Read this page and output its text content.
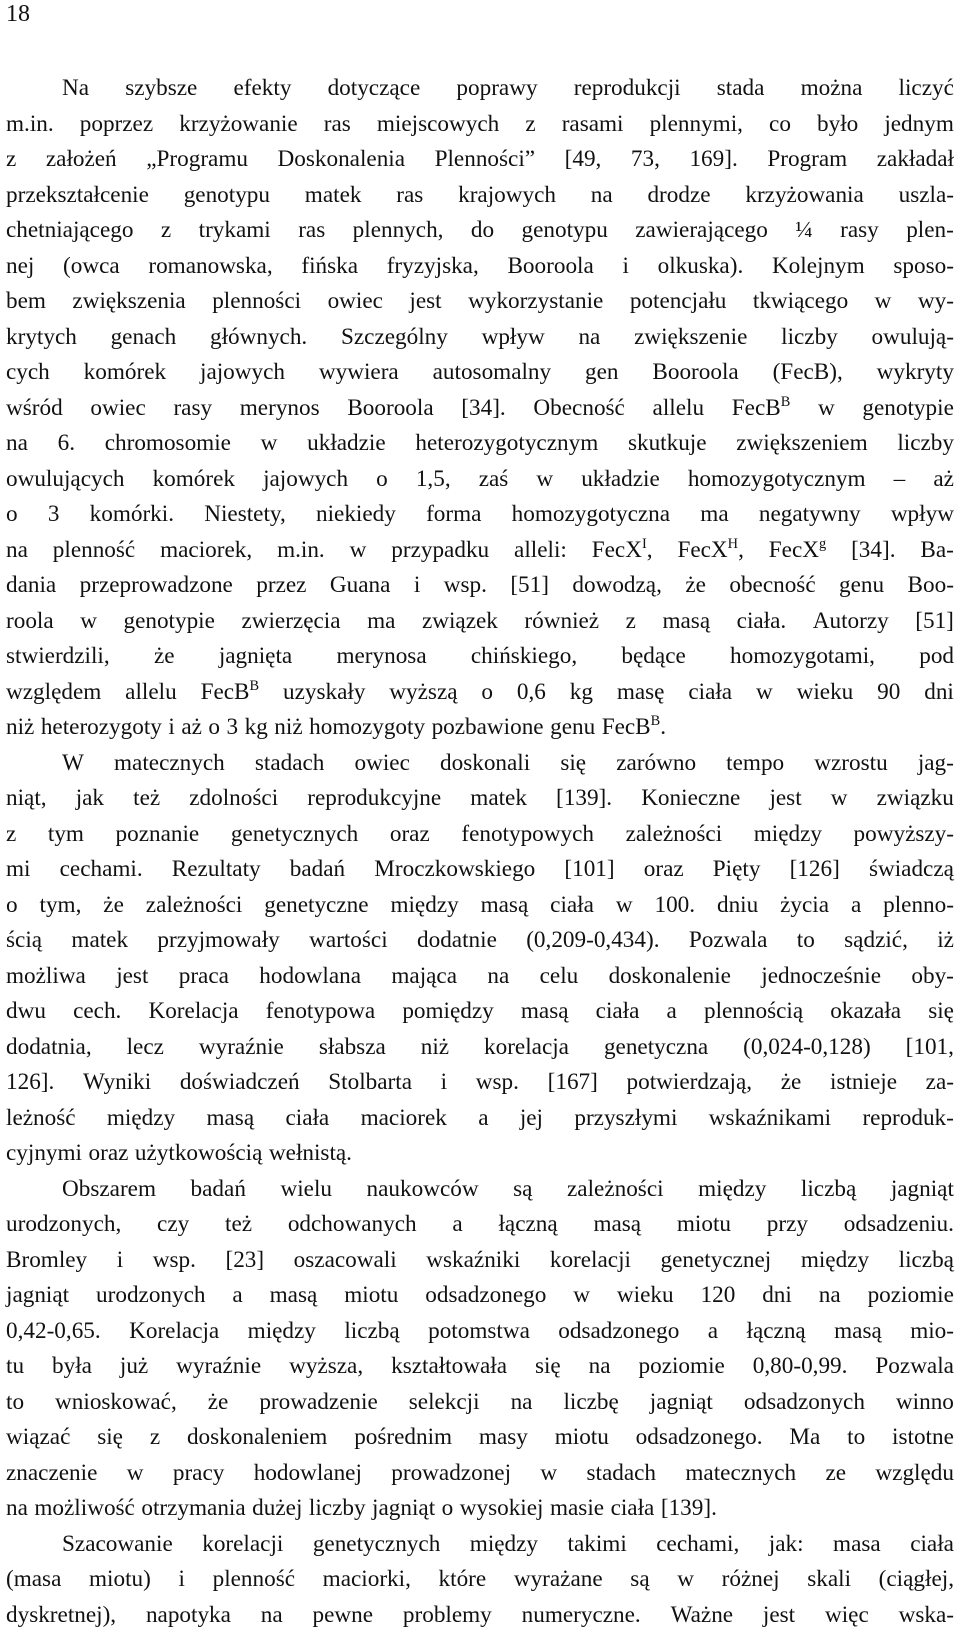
18
Na szybsze efekty dotyczące poprawy reprodukcji stada można liczyć
m.in. poprzez krzyżowanie ras miejscowych z rasami plennymi, co było jednym
z założeń „Programu Doskonalenia Plenności” [49, 73, 169]. Program zakładał
przekształcenie genotypu matek ras krajowych na drodze krzyżowania uszla-
chetniającego z trykami ras plennych, do genotypu zawierającego ¼ rasy plen-
nej (owca romanowska, fińska fryzyjska, Booroola i olkuska). Kolejnym sposo-
bem zwiększenia plenności owiec jest wykorzystanie potencjału tkwiącego w wy-
krytych genach głównych. Szczególny wpływ na zwiększenie liczby owulują-
cych komórek jajowych wywiera autosomalny gen Booroola (FecB), wykryty
wśród owiec rasy merynos Booroola [34]. Obecność allelu FecB$^B$ w genotypie
na 6. chromosomie w układzie heterozygotycznym skutkuje zwiększeniem liczby
owulujących komórek jajowych o 1,5, zaś w układzie homozygotycznym – aż
o 3 komórki. Niestety, niekiedy forma homozygotyczna ma negatywny wpływ
na plenność maciorek, m.in. w przypadku alleli: FecX$^I$, FecX$^H$, FecX$^g$ [34]. Ba-
dania przeprowadzone przez Guana i wsp. [51] dowodzą, że obecność genu Boo-
roola w genotypie zwierzęcia ma związek również z masą ciała. Autorzy [51]
stwierdzili, że jagnięta merynosa chińskiego, będące homozygotami, pod
względem allelu FecB$^B$ uzyskały wyższą o 0,6 kg masę ciała w wieku 90 dni
niż heterozygoty i aż o 3 kg niż homozygoty pozbawione genu FecB$^B$.
W matecznych stadach owiec doskonali się zarówno tempo wzrostu jag-
niąt, jak też zdolności reprodukcyjne matek [139]. Konieczne jest w związku
z tym poznanie genetycznych oraz fenotypowych zależności między powyższy-
mi cechami. Rezultaty badań Mroczkowskiego [101] oraz Pięty [126] świadczą
o tym, że zależności genetyczne między masą ciała w 100. dniu życia a plenno-
ścią matek przyjmowały wartości dodatnie (0,209-0,434). Pozwala to sądzić, iż
możliwa jest praca hodowlana mająca na celu doskonalenie jednocześnie oby-
dwu cech. Korelacja fenotypowa pomiędzy masą ciała a plennością okazała się
dodatnia, lecz wyraźnie słabsza niż korelacja genetyczna (0,024-0,128) [101,
126]. Wyniki doświadczeń Stolbarta i wsp. [167] potwierdzają, że istnieje za-
leżność między masą ciała maciorek a jej przyszłymi wskaźnikami reproduk-
cyjnymi oraz użytkowością wełnistą.
Obszarem badań wielu naukowców są zależności między liczbą jagniąt
urodzonych, czy też odchowanych a łączną masą miotu przy odsadzeniu.
Bromley i wsp. [23] oszacowali wskaźniki korelacji genetycznej między liczbą
jagniąt urodzonych a masą miotu odsadzonego w wieku 120 dni na poziomie
0,42-0,65. Korelacja między liczbą potomstwa odsadzonego a łączną masą mio-
tu była już wyraźnie wyższa, kształtowała się na poziomie 0,80-0,99. Pozwala
to wnioskować, że prowadzenie selekcji na liczbę jagniąt odsadzonych winno
wiązać się z doskonaleniem pośrednim masy miotu odsadzonego. Ma to istotne
znaczenie w pracy hodowlanej prowadzonej w stadach matecznych ze względu
na możliwość otrzymania dużej liczby jagniąt o wysokiej masie ciała [139].
Szacowanie korelacji genetycznych między takimi cechami, jak: masa ciała
(masa miotu) i plenność maciorki, które wyrażane są w różnej skali (ciągłej,
dyskretnej), napotyka na pewne problemy numeryczne. Ważne jest więc wska-
